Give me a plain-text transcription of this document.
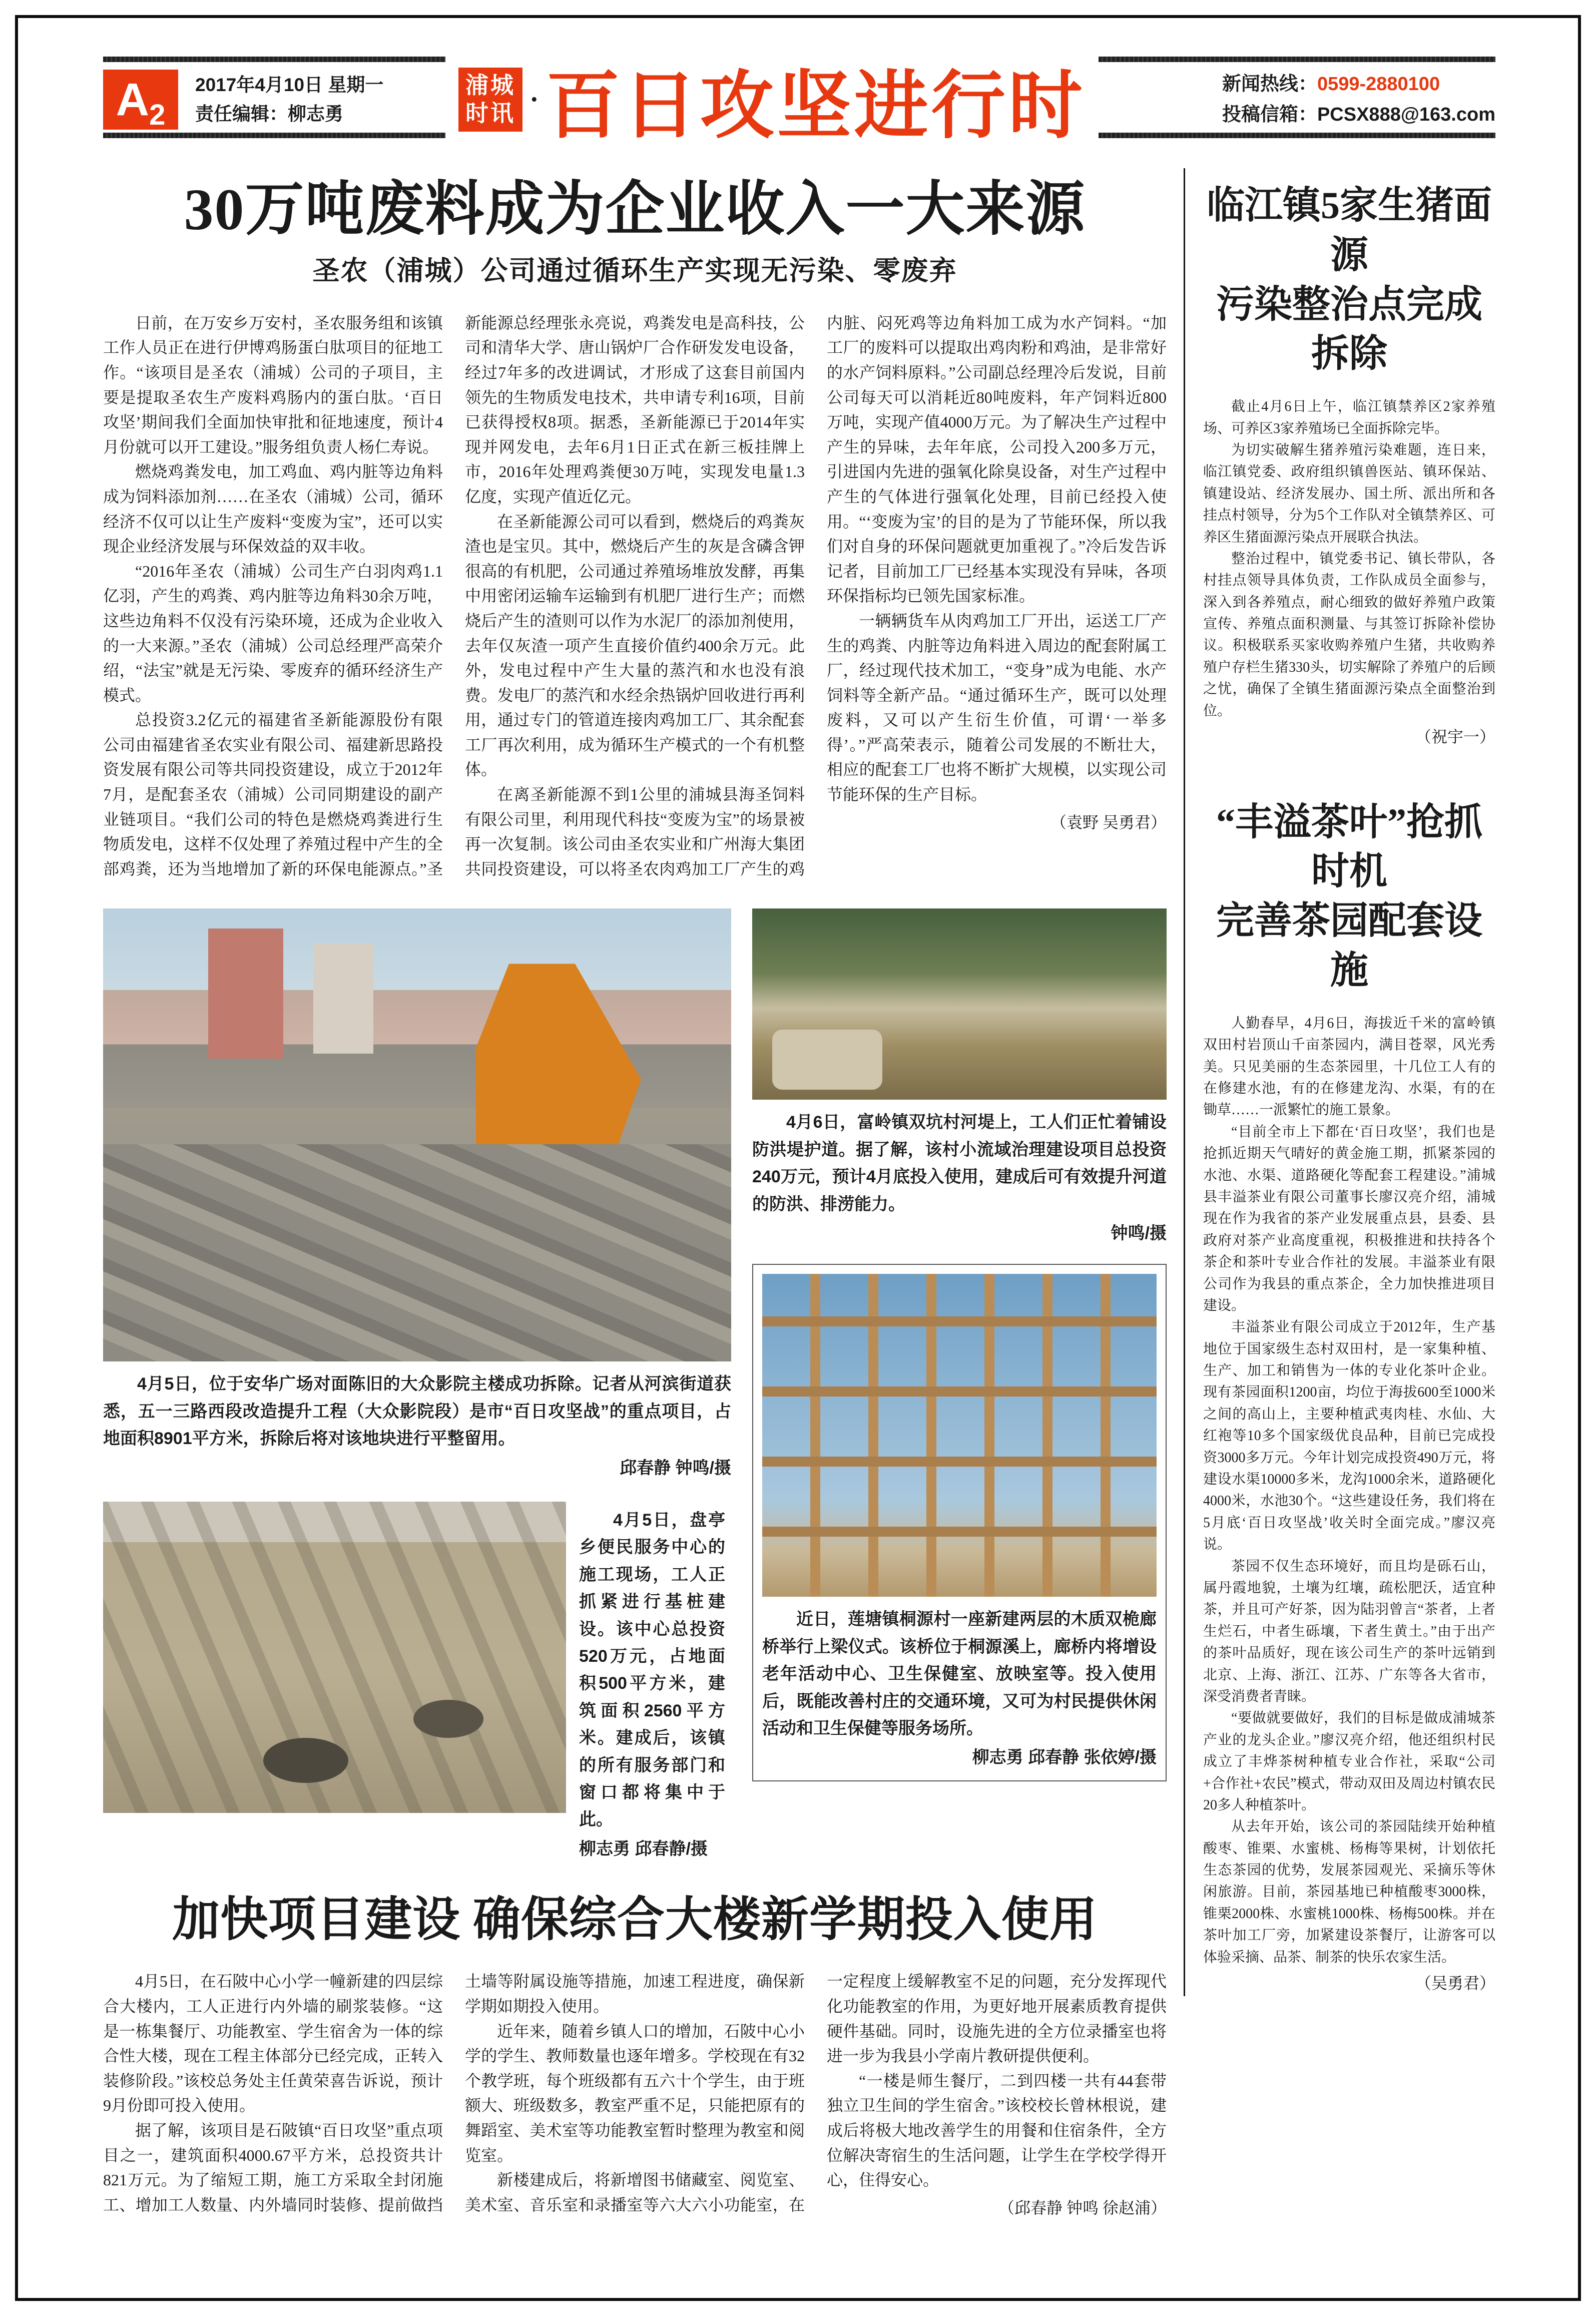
A 2
2017年4月10日 星期一
责任编辑：柳志勇
浦城
时讯 · 百日攻坚进行时	新闻热线：0599-2880100
投稿信箱：PCSX888@163.com
30万吨废料成为企业收入一大来源
圣农（浦城）公司通过循环生产实现无污染、零废弃

日前，在万安乡万安村，圣农服务组和该镇工作人员正在进行伊博鸡肠蛋白肽项目的征地工作。“该项目是圣农（浦城）公司的子项目，主要是提取圣农生产废料鸡肠内的蛋白肽。‘百日攻坚’期间我们全面加快审批和征地速度，预计4月份就可以开工建设。”服务组负责人杨仁寿说。

燃烧鸡粪发电，加工鸡血、鸡内脏等边角料成为饲料添加剂……在圣农（浦城）公司，循环经济不仅可以让生产废料“变废为宝”，还可以实现企业经济发展与环保效益的双丰收。

“2016年圣农（浦城）公司生产白羽肉鸡1.1亿羽，产生的鸡粪、鸡内脏等边角料30余万吨，这些边角料不仅没有污染环境，还成为企业收入的一大来源。”圣农（浦城）公司总经理严高荣介绍，“法宝”就是无污染、零废弃的循环经济生产模式。

总投资3.2亿元的福建省圣新能源股份有限公司由福建省圣农实业有限公司、福建新思路投资发展有限公司等共同投资建设，成立于2012年7月，是配套圣农（浦城）公司同期建设的副产业链项目。“我们公司的特色是燃烧鸡粪进行生物质发电，这样不仅处理了养殖过程中产生的全部鸡粪，还为当地增加了新的环保电能源点。”圣新能源总经理张永亮说，鸡粪发电是高科技，公司和清华大学、唐山锅炉厂合作研发发电设备，经过7年多的改进调试，才形成了这套目前国内领先的生物质发电技术，共申请专利16项，目前已获得授权8项。据悉，圣新能源已于2014年实现并网发电，去年6月1日正式在新三板挂牌上市，2016年处理鸡粪便30万吨，实现发电量1.3亿度，实现产值近亿元。

在圣新能源公司可以看到，燃烧后的鸡粪灰渣也是宝贝。其中，燃烧后产生的灰是含磷含钾很高的有机肥，公司通过养殖场堆放发酵，再集中用密闭运输车运输到有机肥厂进行生产；而燃烧后产生的渣则可以作为水泥厂的添加剂使用，去年仅灰渣一项产生直接价值约400余万元。此外，发电过程中产生大量的蒸汽和水也没有浪费。发电厂的蒸汽和水经余热锅炉回收进行再利用，通过专门的管道连接肉鸡加工厂、其余配套工厂再次利用，成为循环生产模式的一个有机整体。

在离圣新能源不到1公里的浦城县海圣饲料有限公司里，利用现代科技“变废为宝”的场景被再一次复制。该公司由圣农实业和广州海大集团共同投资建设，可以将圣农肉鸡加工厂产生的鸡内脏、闷死鸡等边角料加工成为水产饲料。“加工厂的废料可以提取出鸡肉粉和鸡油，是非常好的水产饲料原料。”公司副总经理冷后发说，目前公司每天可以消耗近80吨废料，年产饲料近800万吨，实现产值4000万元。为了解决生产过程中产生的异味，去年年底，公司投入200多万元，引进国内先进的强氧化除臭设备，对生产过程中产生的气体进行强氧化处理，目前已经投入使用。“‘变废为宝’的目的是为了节能环保，所以我们对自身的环保问题就更加重视了。”冷后发告诉记者，目前加工厂已经基本实现没有异味，各项环保指标均已领先国家标准。

一辆辆货车从肉鸡加工厂开出，运送工厂产生的鸡粪、内脏等边角料进入周边的配套附属工厂，经过现代技术加工，“变身”成为电能、水产饲料等全新产品。“通过循环生产，既可以处理废料，又可以产生衍生价值，可谓‘一举多得’。”严高荣表示，随着公司发展的不断壮大，相应的配套工厂也将不断扩大规模，以实现公司节能环保的生产目标。

（袁野 吴勇君）

4月5日，位于安华广场对面陈旧的大众影院主楼成功拆除。记者从河滨街道获悉，五一三路西段改造提升工程（大众影院段）是市“百日攻坚战”的重点项目，占地面积8901平方米，拆除后将对该地块进行平整留用。

邱春静 钟鸣/摄

4月5日，盘亭乡便民服务中心的施工现场，工人正抓紧进行基桩建设。该中心总投资520万元，占地面积500平方米，建筑面积2560平方米。建成后，该镇的所有服务部门和窗口都将集中于此。

柳志勇 邱春静/摄

4月6日，富岭镇双坑村河堤上，工人们正忙着铺设防洪堤护道。据了解，该村小流域治理建设项目总投资240万元，预计4月底投入使用，建成后可有效提升河道的防洪、排涝能力。

钟鸣/摄

近日，莲塘镇桐源村一座新建两层的木质双桅廊桥举行上梁仪式。该桥位于桐源溪上，廊桥内将增设老年活动中心、卫生保健室、放映室等。投入使用后，既能改善村庄的交通环境，又可为村民提供休闲活动和卫生保健等服务场所。

柳志勇 邱春静 张依婷/摄
加快项目建设 确保综合大楼新学期投入使用

4月5日，在石陂中心小学一幢新建的四层综合大楼内，工人正进行内外墙的刷浆装修。“这是一栋集餐厅、功能教室、学生宿舍为一体的综合性大楼，现在工程主体部分已经完成，正转入装修阶段。”该校总务处主任黄荣喜告诉说，预计9月份即可投入使用。

据了解，该项目是石陂镇“百日攻坚”重点项目之一，建筑面积4000.67平方米，总投资共计821万元。为了缩短工期，施工方采取全封闭施工、增加工人数量、内外墙同时装修、提前做挡土墙等附属设施等措施，加速工程进度，确保新学期如期投入使用。

近年来，随着乡镇人口的增加，石陂中心小学的学生、教师数量也逐年增多。学校现在有32个教学班，每个班级都有五六十个学生，由于班额大、班级数多，教室严重不足，只能把原有的舞蹈室、美术室等功能教室暂时整理为教室和阅览室。

新楼建成后，将新增图书储藏室、阅览室、美术室、音乐室和录播室等六大六小功能室，在一定程度上缓解教室不足的问题，充分发挥现代化功能教室的作用，为更好地开展素质教育提供硬件基础。同时，设施先进的全方位录播室也将进一步为我县小学南片教研提供便利。

“一楼是师生餐厅，二到四楼一共有44套带独立卫生间的学生宿舍。”该校校长曾林根说，建成后将极大地改善学生的用餐和住宿条件，全方位解决寄宿生的生活问题，让学生在学校学得开心，住得安心。

（邱春静 钟鸣 徐赵浦）
临江镇5家生猪面源
污染整治点完成拆除

截止4月6日上午，临江镇禁养区2家养殖场、可养区3家养殖场已全面拆除完毕。

为切实破解生猪养殖污染难题，连日来，临江镇党委、政府组织镇兽医站、镇环保站、镇建设站、经济发展办、国土所、派出所和各挂点村领导，分为5个工作队对全镇禁养区、可养区生猪面源污染点开展联合执法。

整治过程中，镇党委书记、镇长带队，各村挂点领导具体负责，工作队成员全面参与，深入到各养殖点，耐心细致的做好养殖户政策宣传、养殖点面积测量、与其签订拆除补偿协议。积极联系买家收购养殖户生猪，共收购养殖户存栏生猪330头，切实解除了养殖户的后顾之忧，确保了全镇生猪面源污染点全面整治到位。

（祝宇一）
“丰溢茶叶”抢抓时机
完善茶园配套设施

人勤春早，4月6日，海拔近千米的富岭镇双田村岩顶山千亩茶园内，满目苍翠，风光秀美。只见美丽的生态茶园里，十几位工人有的在修建水池，有的在修建龙沟、水渠，有的在锄草……一派繁忙的施工景象。

“目前全市上下都在‘百日攻坚’，我们也是抢抓近期天气晴好的黄金施工期，抓紧茶园的水池、水渠、道路硬化等配套工程建设。”浦城县丰溢茶业有限公司董事长廖汉亮介绍，浦城现在作为我省的茶产业发展重点县，县委、县政府对茶产业高度重视，积极推进和扶持各个茶企和茶叶专业合作社的发展。丰溢茶业有限公司作为我县的重点茶企，全力加快推进项目建设。

丰溢茶业有限公司成立于2012年，生产基地位于国家级生态村双田村，是一家集种植、生产、加工和销售为一体的专业化茶叶企业。现有茶园面积1200亩，均位于海拔600至1000米之间的高山上，主要种植武夷肉桂、水仙、大红袍等10多个国家级优良品种，目前已完成投资3000多万元。今年计划完成投资490万元，将建设水渠10000多米，龙沟1000余米，道路硬化4000米，水池30个。“这些建设任务，我们将在5月底‘百日攻坚战’收关时全面完成。”廖汉亮说。

茶园不仅生态环境好，而且均是砾石山，属丹霞地貌，土壤为红壤，疏松肥沃，适宜种茶，并且可产好茶，因为陆羽曾言“茶者，上者生烂石，中者生砾壤，下者生黄土。”由于出产的茶叶品质好，现在该公司生产的茶叶远销到北京、上海、浙江、江苏、广东等各大省市，深受消费者青睐。

“要做就要做好，我们的目标是做成浦城茶产业的龙头企业。”廖汉亮介绍，他还组织村民成立了丰烨茶树种植专业合作社，采取“公司+合作社+农民”模式，带动双田及周边村镇农民20多人种植茶叶。

从去年开始，该公司的茶园陆续开始种植酸枣、锥栗、水蜜桃、杨梅等果树，计划依托生态茶园的优势，发展茶园观光、采摘乐等休闲旅游。目前，茶园基地已种植酸枣3000株，锥栗2000株、水蜜桃1000株、杨梅500株。并在茶叶加工厂旁，加紧建设茶餐厅，让游客可以体验采摘、品茶、制茶的快乐农家生活。

（吴勇君）
